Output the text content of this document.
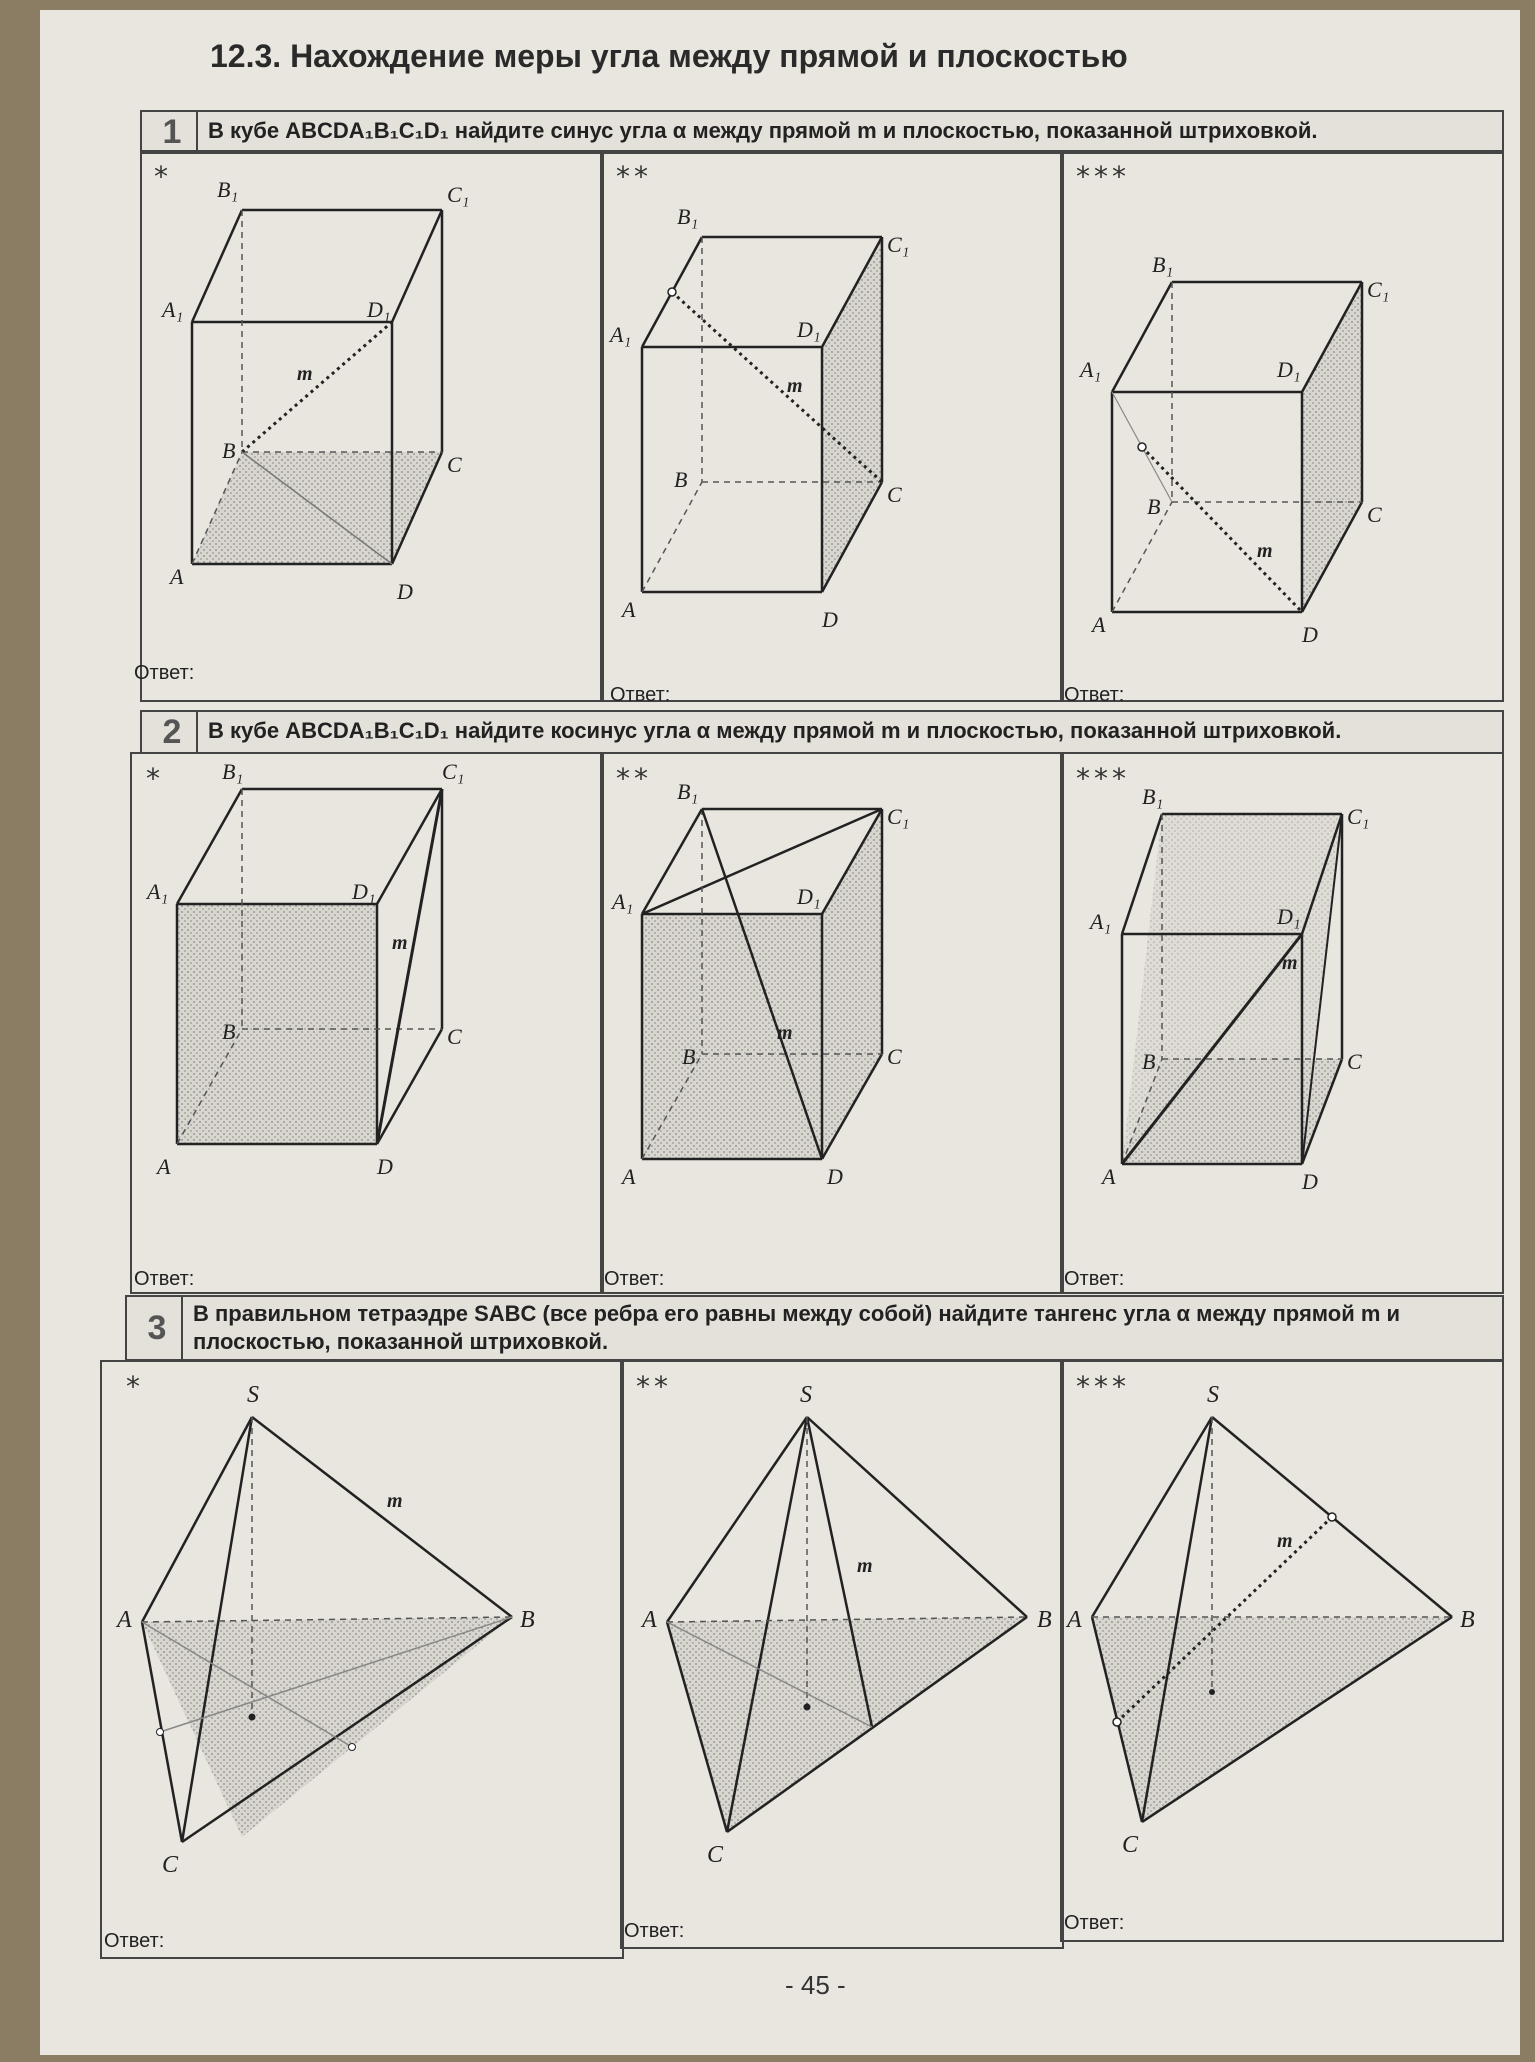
12.3. Нахождение меры угла между прямой и плоскостью
1	В кубе ABCDA₁B₁C₁D₁ найдите синус угла α между прямой m и плоскостью, показанной штриховкой.
*
A
D
B
C
A₁	D₁
B₁	C₁
m
Ответ:
**
A	D
B
C
A₁	D₁
B₁
C₁
m
Ответ:
***
A	D
B	C
A₁	D₁
B₁
C₁
m
Ответ:
2	В кубе ABCDA₁B₁C₁D₁ найдите косинус угла α между прямой m и плоскостью, показанной штриховкой.
*
A	D
B	C
A₁	D₁
B₁	C₁
m
Ответ:
**
A	D
B	C
A₁	D₁
B₁
C₁
m
Ответ:
***
A	D
B	C
A₁	D₁
B₁
C₁
m
Ответ:
3	В правильном тетраэдре SABC (все ребра его равны между собой) найдите тангенс угла α между прямой m и плоскостью, показанной штриховкой.
*	S
A	B
C
m
Ответ:
**	S
A	B
C
m
Ответ:
***	S
A	B
C
m
Ответ:
- 45 -
